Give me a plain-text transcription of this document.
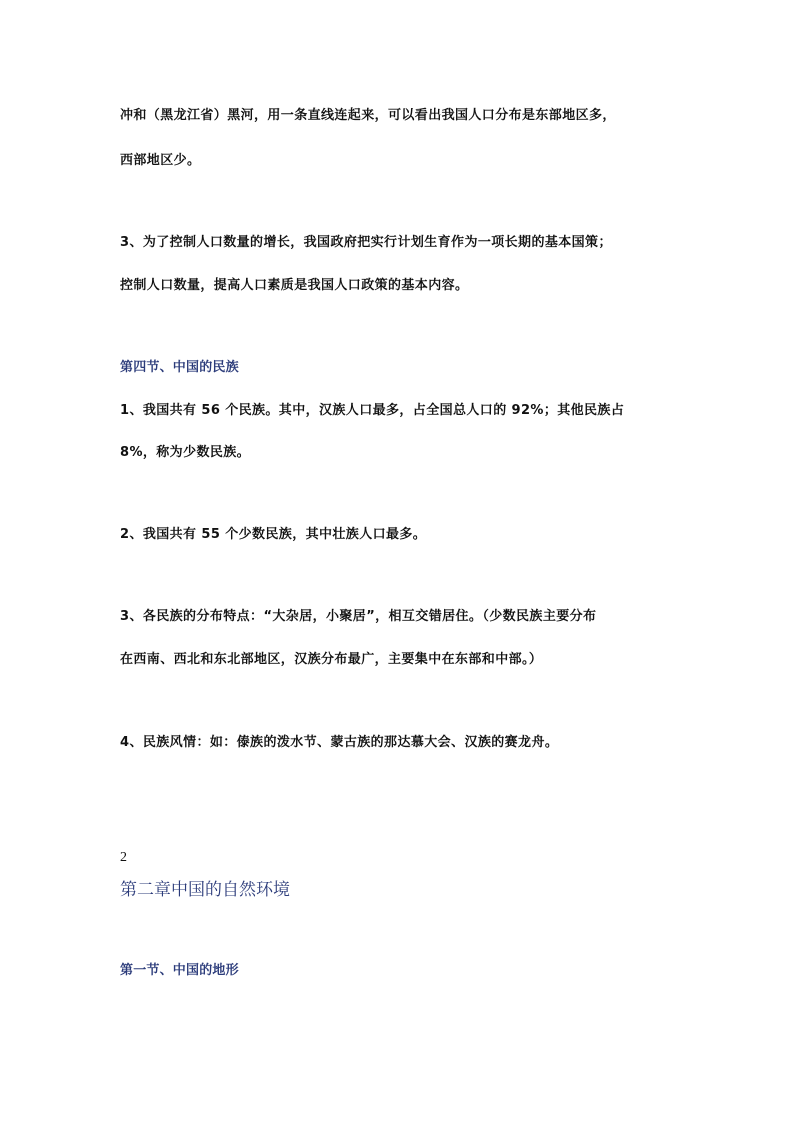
冲和（黑龙江省）黑河，用一条直线连起来，可以看出我国人口分布是东部地区多，
西部地区少。
3、为了控制人口数量的增长，我国政府把实行计划生育作为一项长期的基本国策；
控制人口数量，提高人口素质是我国人口政策的基本内容。
第四节、中国的民族
1、我国共有 56 个民族。其中，汉族人口最多，占全国总人口的 92%；其他民族占
8%，称为少数民族。
2、我国共有 55 个少数民族，其中壮族人口最多。
3、各民族的分布特点：“大杂居，小聚居”，相互交错居住。（少数民族主要分布
在西南、西北和东北部地区，汉族分布最广，主要集中在东部和中部。）
4、民族风情：如：傣族的泼水节、蒙古族的那达慕大会、汉族的赛龙舟。
2
第二章中国的自然环境
第一节、中国的地形
